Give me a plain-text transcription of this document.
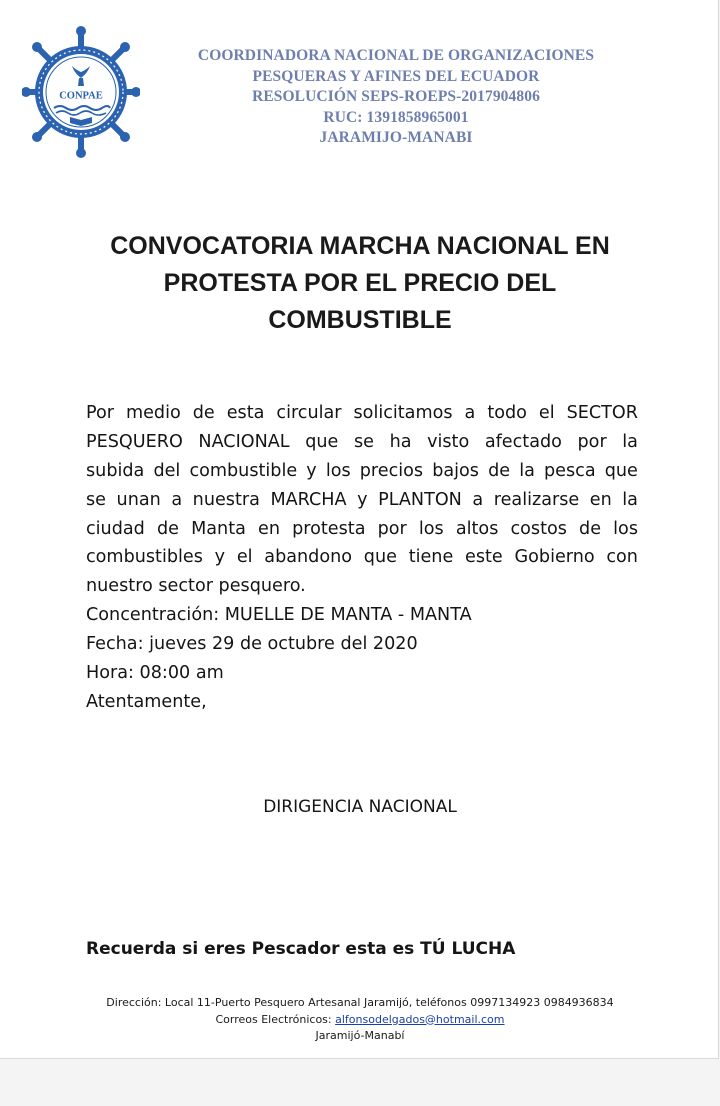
CONPAE
COORDINADORA NACIONAL DE ORGANIZACIONES
PESQUERAS Y AFINES DEL ECUADOR
RESOLUCIÓN SEPS-ROEPS-2017904806
RUC: 1391858965001
JARAMIJO-MANABI
CONVOCATORIA MARCHA NACIONAL EN
PROTESTA POR EL PRECIO DEL
COMBUSTIBLE
Por medio de esta circular solicitamos a todo el SECTOR
PESQUERO NACIONAL que se ha visto afectado por la
subida del combustible y los precios bajos de la pesca que
se unan a nuestra MARCHA y PLANTON a realizarse en la
ciudad de Manta en protesta por los altos costos de los
combustibles y el abandono que tiene este Gobierno con
nuestro sector pesquero.
Concentración: MUELLE DE MANTA - MANTA
Fecha: jueves 29 de octubre del 2020
Hora: 08:00 am
Atentamente,
DIRIGENCIA NACIONAL
Recuerda si eres Pescador esta es TÚ LUCHA
Dirección: Local 11-Puerto Pesquero Artesanal Jaramijó, teléfonos 0997134923 0984936834
Correos Electrónicos: alfonsodelgados@hotmail.com
Jaramijó-Manabí
